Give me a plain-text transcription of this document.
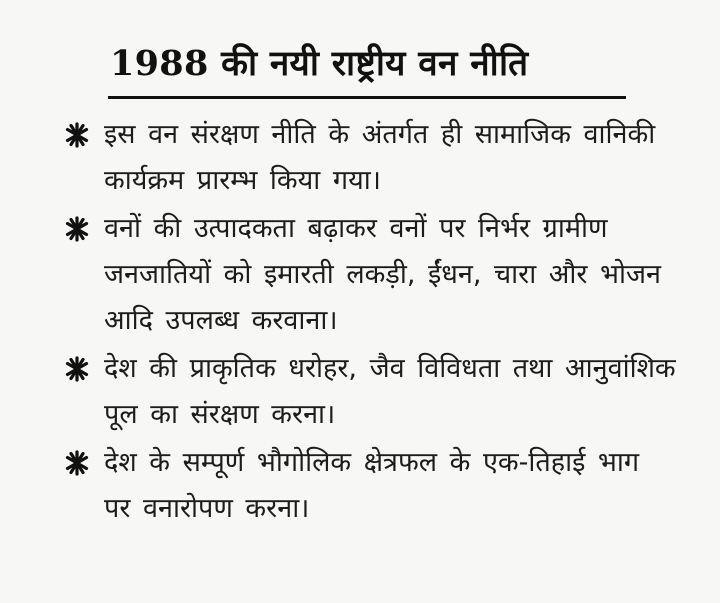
1988 की नयी राष्ट्रीय वन नीति
इस वन संरक्षण नीति के अंतर्गत ही सामाजिक वानिकी कार्यक्रम प्रारम्भ किया गया।
वनों की उत्पादकता बढ़ाकर वनों पर निर्भर ग्रामीण जनजातियों को इमारती लकड़ी, ईंधन, चारा और भोजन आदि उपलब्ध करवाना।
देश की प्राकृतिक धरोहर, जैव विविधता तथा आनुवांशिक पूल का संरक्षण करना।
देश के सम्पूर्ण भौगोलिक क्षेत्रफल के एक-तिहाई भाग पर वनारोपण करना।
